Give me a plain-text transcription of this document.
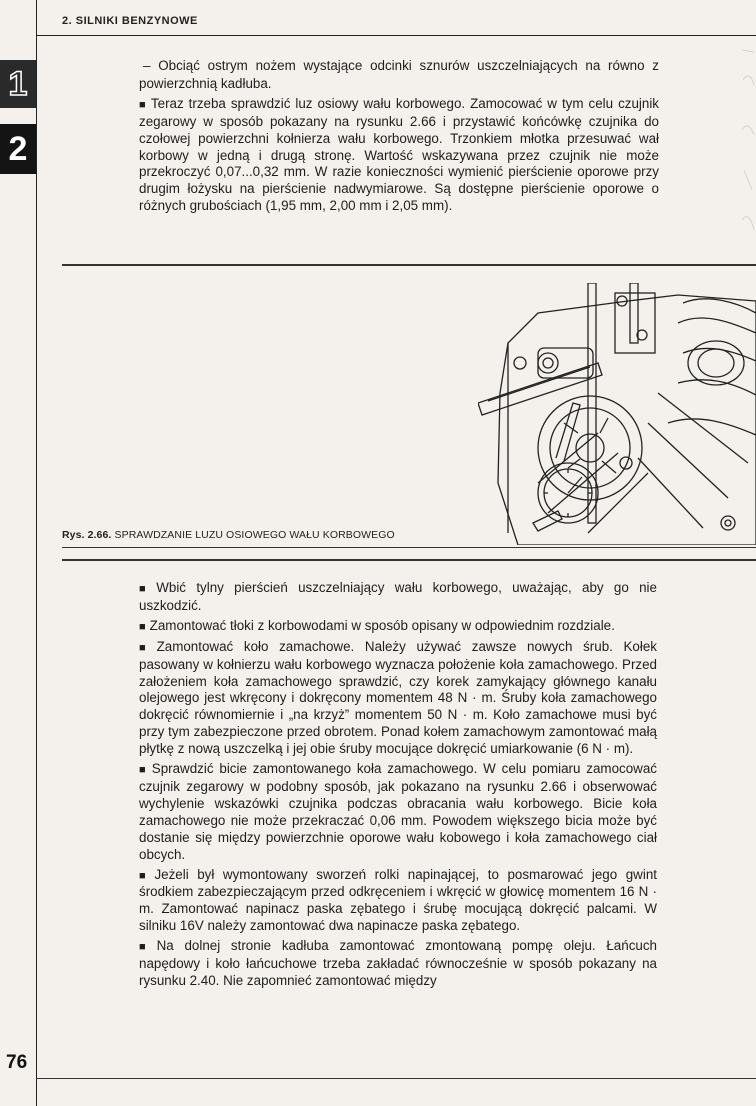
2. SILNIKI BENZYNOWE
1
2

– Obciąć ostrym nożem wystające odcinki sznurów uszczelniających na równo z powierzchnią kadłuba.

■ Teraz trzeba sprawdzić luz osiowy wału korbowego. Zamocować w tym celu czujnik zegarowy w sposób pokazany na rysunku 2.66 i przystawić końcówkę czujnika do czołowej powierzchni kołnierza wału korbowego. Trzonkiem młotka przesuwać wał korbowy w jedną i drugą stronę. Wartość wskazywana przez czujnik nie może przekroczyć 0,07...0,32 mm. W razie konieczności wymienić pierścienie oporowe przy drugim łożysku na pierścienie nadwymiarowe. Są dostępne pierścienie oporowe o różnych grubościach (1,95 mm, 2,00 mm i 2,05 mm).

Rys. 2.66. SPRAWDZANIE LUZU OSIOWEGO WAŁU KORBOWEGO

■ Wbić tylny pierścień uszczelniający wału korbowego, uważając, aby go nie uszkodzić.

■ Zamontować tłoki z korbowodami w sposób opisany w odpowiednim rozdziale.

■ Zamontować koło zamachowe. Należy używać zawsze nowych śrub. Kołek pasowany w kołnierzu wału korbowego wyznacza położenie koła zamachowego. Przed założeniem koła zamachowego sprawdzić, czy korek zamykający głównego kanału olejowego jest wkręcony i dokręcony momentem 48 N · m. Śruby koła zamachowego dokręcić równomiernie i „na krzyż” momentem 50 N · m. Koło zamachowe musi być przy tym zabezpieczone przed obrotem. Ponad kołem zamachowym zamontować małą płytkę z nową uszczelką i jej obie śruby mocujące dokręcić umiarkowanie (6 N · m).

■ Sprawdzić bicie zamontowanego koła zamachowego. W celu pomiaru zamocować czujnik zegarowy w podobny sposób, jak pokazano na rysunku 2.66 i obserwować wychylenie wskazówki czujnika podczas obracania wału korbowego. Bicie koła zamachowego nie może przekraczać 0,06 mm. Powodem większego bicia może być dostanie się między powierzchnie oporowe wału kobowego i koła zamachowego ciał obcych.

■ Jeżeli był wymontowany sworzeń rolki napinającej, to posmarować jego gwint środkiem zabezpieczającym przed odkręceniem i wkręcić w głowicę momentem 16 N · m. Zamontować napinacz paska zębatego i śrubę mocującą dokręcić palcami. W silniku 16V należy zamontować dwa napinacze paska zębatego.

■ Na dolnej stronie kadłuba zamontować zmontowaną pompę oleju. Łańcuch napędowy i koło łańcuchowe trzeba zakładać równocześnie w sposób pokazany na rysunku 2.40. Nie zapomnieć zamontować między

76
